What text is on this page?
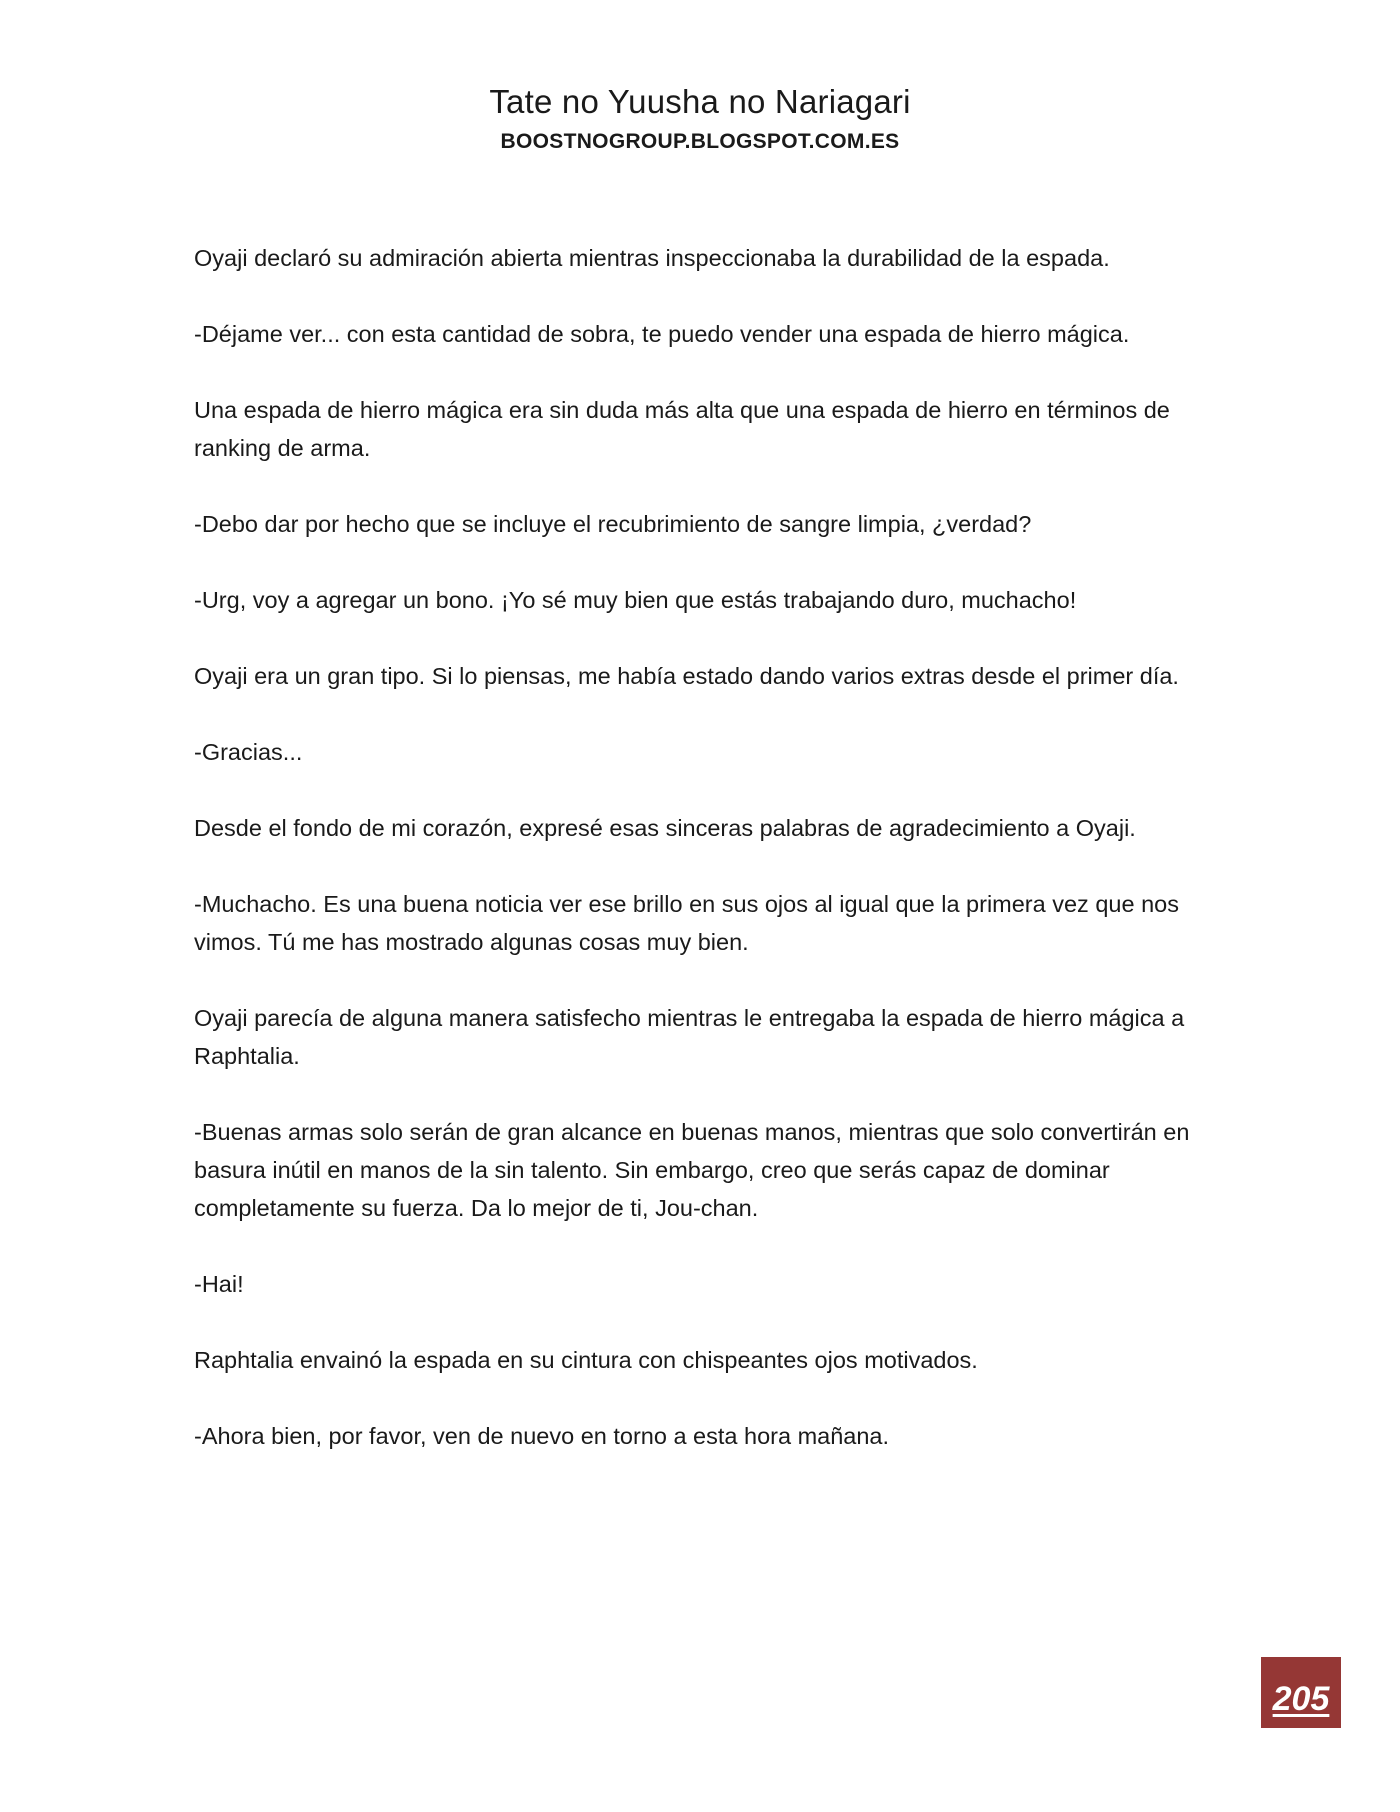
Tate no Yuusha no Nariagari
BOOSTNOGROUP.BLOGSPOT.COM.ES

Oyaji declaró su admiración abierta mientras inspeccionaba la durabilidad de la espada.

-Déjame ver... con esta cantidad de sobra, te puedo vender una espada de hierro mágica.

Una espada de hierro mágica era sin duda más alta que una espada de hierro en términos de ranking de arma.

-Debo dar por hecho que se incluye el recubrimiento de sangre limpia, ¿verdad?

-Urg, voy a agregar un bono. ¡Yo sé muy bien que estás trabajando duro, muchacho!

Oyaji era un gran tipo. Si lo piensas, me había estado dando varios extras desde el primer día.

-Gracias...

Desde el fondo de mi corazón, expresé esas sinceras palabras de agradecimiento a Oyaji.

-Muchacho. Es una buena noticia ver ese brillo en sus ojos al igual que la primera vez que nos vimos. Tú me has mostrado algunas cosas muy bien.

Oyaji parecía de alguna manera satisfecho mientras le entregaba la espada de hierro mágica a Raphtalia.

-Buenas armas solo serán de gran alcance en buenas manos, mientras que solo convertirán en basura inútil en manos de la sin talento. Sin embargo, creo que serás capaz de dominar completamente su fuerza. Da lo mejor de ti, Jou-chan.

-Hai!

Raphtalia envainó la espada en su cintura con chispeantes ojos motivados.

-Ahora bien, por favor, ven de nuevo en torno a esta hora mañana.

205
